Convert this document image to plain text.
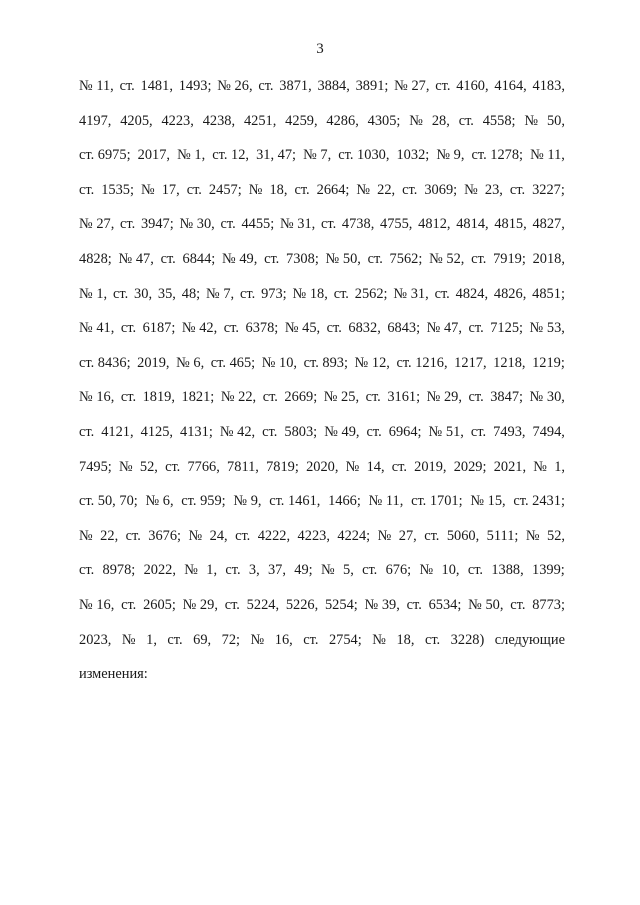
3
№ 11, ст. 1481, 1493; № 26, ст. 3871, 3884, 3891; № 27, ст. 4160, 4164, 4183,
4197, 4205, 4223, 4238, 4251, 4259, 4286, 4305; № 28, ст. 4558; № 50,
ст. 6975; 2017, № 1, ст. 12, 31, 47; № 7, ст. 1030, 1032; № 9, ст. 1278; № 11,
ст. 1535; № 17, ст. 2457; № 18, ст. 2664; № 22, ст. 3069; № 23, ст. 3227;
№ 27, ст. 3947; № 30, ст. 4455; № 31, ст. 4738, 4755, 4812, 4814, 4815, 4827,
4828; № 47, ст. 6844; № 49, ст. 7308; № 50, ст. 7562; № 52, ст. 7919; 2018,
№ 1, ст. 30, 35, 48; № 7, ст. 973; № 18, ст. 2562; № 31, ст. 4824, 4826, 4851;
№ 41, ст. 6187; № 42, ст. 6378; № 45, ст. 6832, 6843; № 47, ст. 7125; № 53,
ст. 8436; 2019, № 6, ст. 465; № 10, ст. 893; № 12, ст. 1216, 1217, 1218, 1219;
№ 16, ст. 1819, 1821; № 22, ст. 2669; № 25, ст. 3161; № 29, ст. 3847; № 30,
ст. 4121, 4125, 4131; № 42, ст. 5803; № 49, ст. 6964; № 51, ст. 7493, 7494,
7495; № 52, ст. 7766, 7811, 7819; 2020, № 14, ст. 2019, 2029; 2021, № 1,
ст. 50, 70; № 6, ст. 959; № 9, ст. 1461, 1466; № 11, ст. 1701; № 15, ст. 2431;
№ 22, ст. 3676; № 24, ст. 4222, 4223, 4224; № 27, ст. 5060, 5111; № 52,
ст. 8978; 2022, № 1, ст. 3, 37, 49; № 5, ст. 676; № 10, ст. 1388, 1399;
№ 16, ст. 2605; № 29, ст. 5224, 5226, 5254; № 39, ст. 6534; № 50, ст. 8773;
2023, № 1, ст. 69, 72; № 16, ст. 2754; № 18, ст. 3228) следующие
изменения:
